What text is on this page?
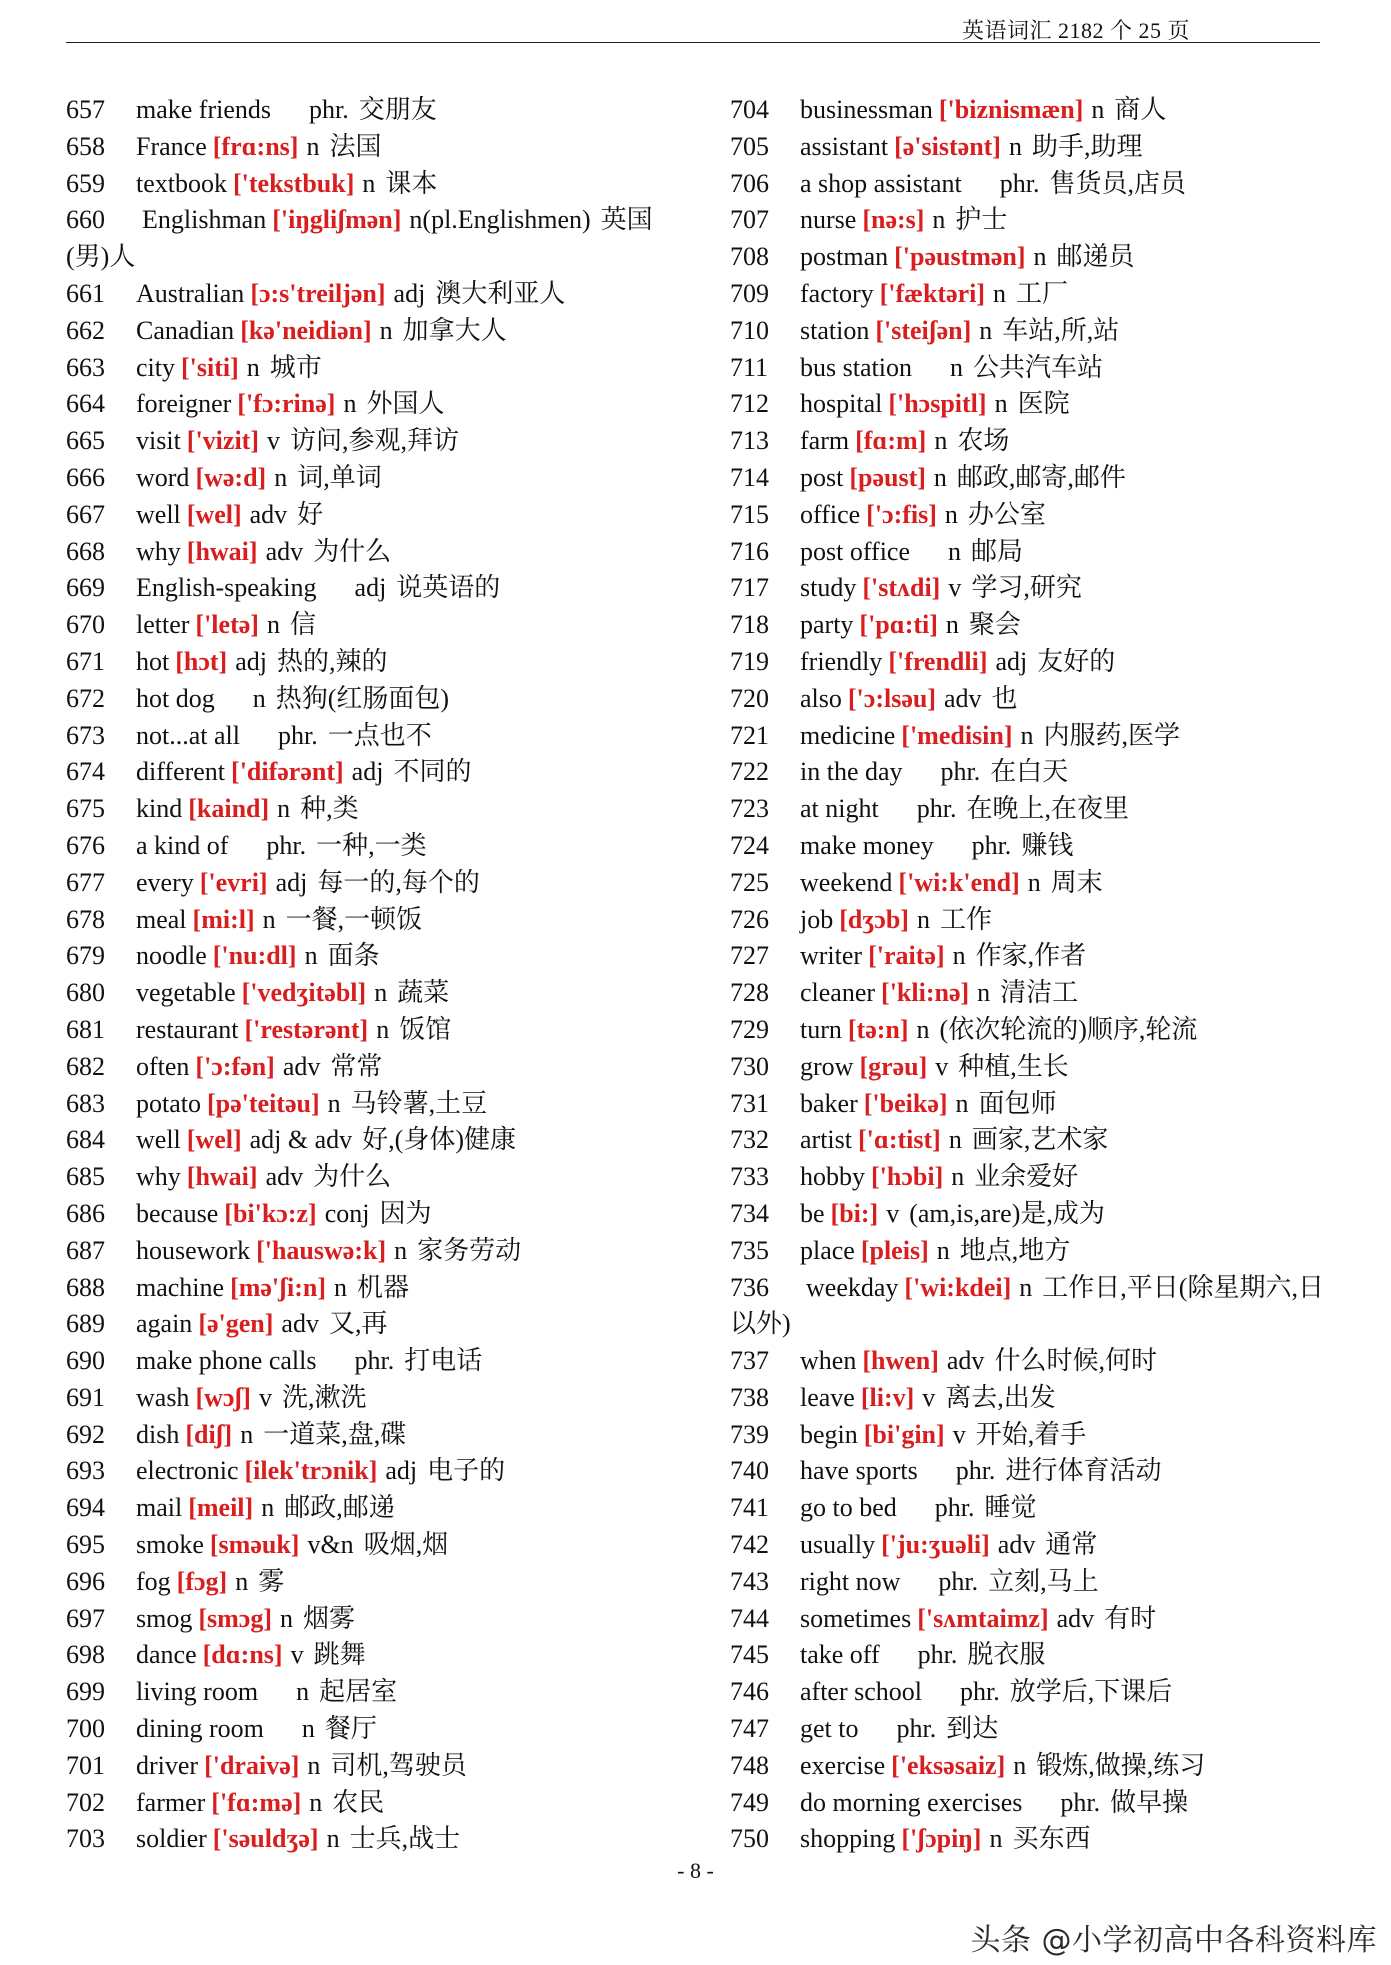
英语词汇 2182 个 25 页
657 make friends phr. 交朋友
658 France [frɑ:ns] n 法国
659 textbook ['tekstbuk] n 课本
660 Englishman ['iŋgliʃmən] n(pl.Englishmen) 英国(男)人
661 Australian [ɔ:s'treiljən] adj 澳大利亚人
662 Canadian [kə'neidiən] n 加拿大人
663 city ['siti] n 城市
664 foreigner ['fɔ:rinə] n 外国人
665 visit ['vizit] v 访问,参观,拜访
666 word [wə:d] n 词,单词
667 well [wel] adv 好
668 why [hwai] adv 为什么
669 English-speaking adj 说英语的
670 letter ['letə] n 信
671 hot [hɔt] adj 热的,辣的
672 hot dog n 热狗(红肠面包)
673 not...at all phr. 一点也不
674 different ['difərənt] adj 不同的
675 kind [kaind] n 种,类
676 a kind of phr. 一种,一类
677 every ['evri] adj 每一的,每个的
678 meal [mi:l] n 一餐,一顿饭
679 noodle ['nu:dl] n 面条
680 vegetable ['vedʒitəbl] n 蔬菜
681 restaurant ['restərənt] n 饭馆
682 often ['ɔ:fən] adv 常常
683 potato [pə'teitəu] n 马铃薯,土豆
684 well [wel] adj & adv 好,(身体)健康
685 why [hwai] adv 为什么
686 because [bi'kɔ:z] conj 因为
687 housework ['hauswə:k] n 家务劳动
688 machine [mə'ʃi:n] n 机器
689 again [ə'gen] adv 又,再
690 make phone calls phr. 打电话
691 wash [wɔʃ] v 洗,漱洗
692 dish [diʃ] n 一道菜,盘,碟
693 electronic [ilek'trɔnik] adj 电子的
694 mail [meil] n 邮政,邮递
695 smoke [sməuk] v&n 吸烟,烟
696 fog [fɔg] n 雾
697 smog [smɔg] n 烟雾
698 dance [dɑ:ns] v 跳舞
699 living room n 起居室
700 dining room n 餐厅
701 driver ['draivə] n 司机,驾驶员
702 farmer ['fɑ:mə] n 农民
703 soldier ['səuldʒə] n 士兵,战士
704 businessman ['biznismæn] n 商人
705 assistant [ə'sistənt] n 助手,助理
706 a shop assistant phr. 售货员,店员
707 nurse [nə:s] n 护士
708 postman ['pəustmən] n 邮递员
709 factory ['fæktəri] n 工厂
710 station ['steiʃən] n 车站,所,站
711 bus station n 公共汽车站
712 hospital ['hɔspitl] n 医院
713 farm [fɑ:m] n 农场
714 post [pəust] n 邮政,邮寄,邮件
715 office ['ɔ:fis] n 办公室
716 post office n 邮局
717 study ['stʌdi] v 学习,研究
718 party ['pɑ:ti] n 聚会
719 friendly ['frendli] adj 友好的
720 also ['ɔ:lsəu] adv 也
721 medicine ['medisin] n 内服药,医学
722 in the day phr. 在白天
723 at night phr. 在晚上,在夜里
724 make money phr. 赚钱
725 weekend ['wi:k'end] n 周末
726 job [dʒɔb] n 工作
727 writer ['raitə] n 作家,作者
728 cleaner ['kli:nə] n 清洁工
729 turn [tə:n] n (依次轮流的)顺序,轮流
730 grow [grəu] v 种植,生长
731 baker ['beikə] n 面包师
732 artist ['ɑ:tist] n 画家,艺术家
733 hobby ['hɔbi] n 业余爱好
734 be [bi:] v (am,is,are)是,成为
735 place [pleis] n 地点,地方
736 weekday ['wi:kdei] n 工作日,平日(除星期六,日以外)
737 when [hwen] adv 什么时候,何时
738 leave [li:v] v 离去,出发
739 begin [bi'gin] v 开始,着手
740 have sports phr. 进行体育活动
741 go to bed phr. 睡觉
742 usually ['ju:ʒuəli] adv 通常
743 right now phr. 立刻,马上
744 sometimes ['sʌmtaimz] adv 有时
745 take off phr. 脱衣服
746 after school phr. 放学后,下课后
747 get to phr. 到达
748 exercise ['eksəsaiz] n 锻炼,做操,练习
749 do morning exercises phr. 做早操
750 shopping ['ʃɔpiŋ] n 买东西
- 8 -
头条 @小学初高中各科资料库
